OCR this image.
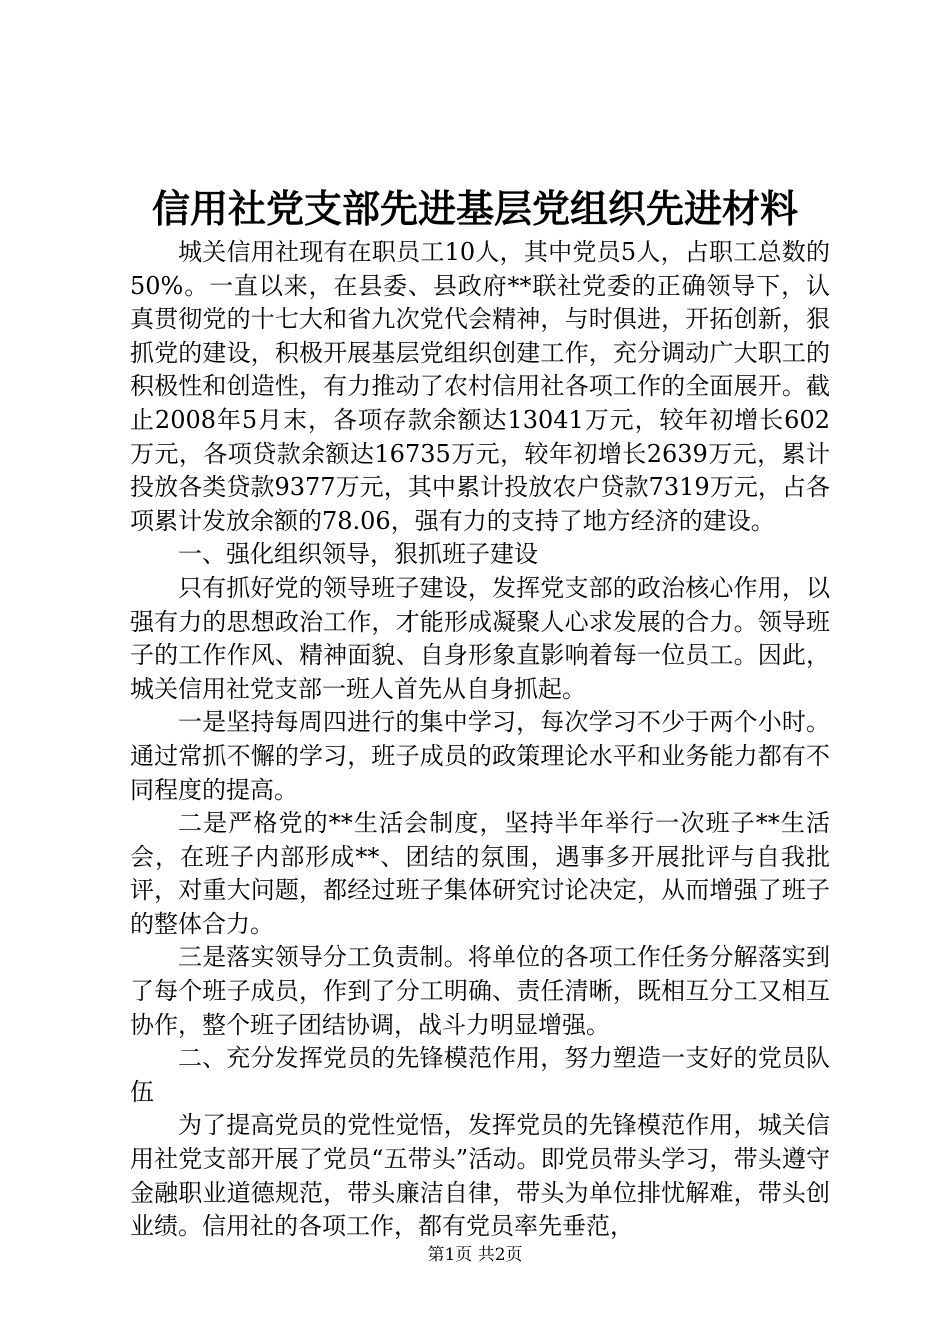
信用社党支部先进基层党组织先进材料

城关信用社现有在职员工10人，其中党员5人，占职工总数的50%。一直以来，在县委、县政府**联社党委的正确领导下，认真贯彻党的十七大和省九次党代会精神，与时俱进，开拓创新，狠抓党的建设，积极开展基层党组织创建工作，充分调动广大职工的积极性和创造性，有力推动了农村信用社各项工作的全面展开。截止2008年5月末，各项存款余额达13041万元，较年初增长602万元，各项贷款余额达16735万元，较年初增长2639万元，累计投放各类贷款9377万元，其中累计投放农户贷款7319万元，占各项累计发放余额的78.06，强有力的支持了地方经济的建设。

一、强化组织领导，狠抓班子建设

只有抓好党的领导班子建设，发挥党支部的政治核心作用，以强有力的思想政治工作，才能形成凝聚人心求发展的合力。领导班子的工作作风、精神面貌、自身形象直影响着每一位员工。因此，城关信用社党支部一班人首先从自身抓起。

一是坚持每周四进行的集中学习，每次学习不少于两个小时。通过常抓不懈的学习，班子成员的政策理论水平和业务能力都有不同程度的提高。

二是严格党的**生活会制度，坚持半年举行一次班子**生活会，在班子内部形成**、团结的氛围，遇事多开展批评与自我批评，对重大问题，都经过班子集体研究讨论决定，从而增强了班子的整体合力。

三是落实领导分工负责制。将单位的各项工作任务分解落实到了每个班子成员，作到了分工明确、责任清晰，既相互分工又相互协作，整个班子团结协调，战斗力明显增强。

二、充分发挥党员的先锋模范作用，努力塑造一支好的党员队伍

为了提高党员的党性觉悟，发挥党员的先锋模范作用，城关信用社党支部开展了党员“五带头”活动。即党员带头学习，带头遵守金融职业道德规范，带头廉洁自律，带头为单位排忧解难，带头创业绩。信用社的各项工作，都有党员率先垂范，

第1页 共2页
